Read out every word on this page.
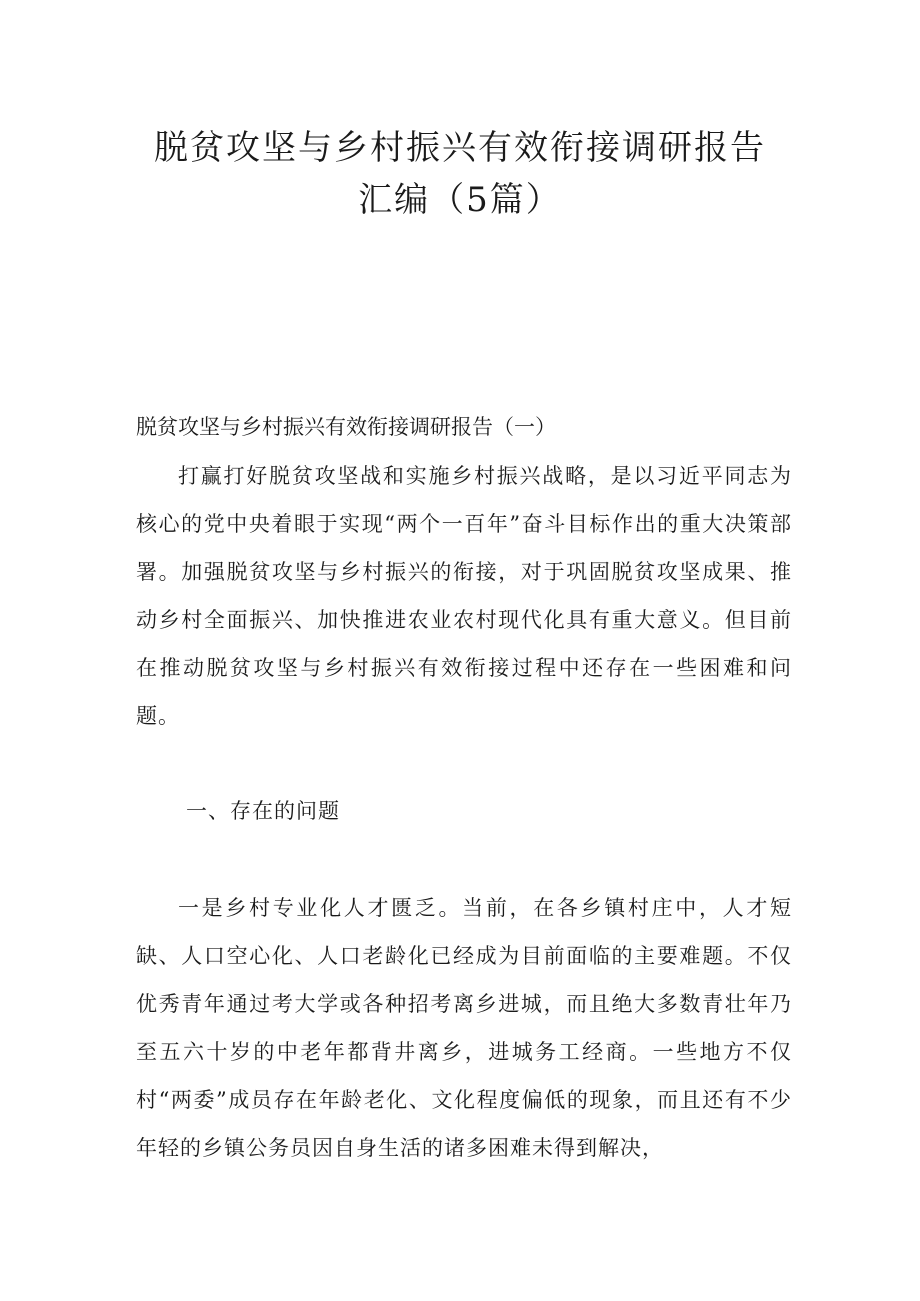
脱贫攻坚与乡村振兴有效衔接调研报告汇编（5篇）

脱贫攻坚与乡村振兴有效衔接调研报告（一）

打赢打好脱贫攻坚战和实施乡村振兴战略，是以习近平同志为核心的党中央着眼于实现“两个一百年”奋斗目标作出的重大决策部署。加强脱贫攻坚与乡村振兴的衔接，对于巩固脱贫攻坚成果、推动乡村全面振兴、加快推进农业农村现代化具有重大意义。但目前在推动脱贫攻坚与乡村振兴有效衔接过程中还存在一些困难和问题。

一、存在的问题

一是乡村专业化人才匮乏。当前，在各乡镇村庄中，人才短缺、人口空心化、人口老龄化已经成为目前面临的主要难题。不仅优秀青年通过考大学或各种招考离乡进城，而且绝大多数青壮年乃至五六十岁的中老年都背井离乡，进城务工经商。一些地方不仅村“两委”成员存在年龄老化、文化程度偏低的现象，而且还有不少年轻的乡镇公务员因自身生活的诸多困难未得到解决，
